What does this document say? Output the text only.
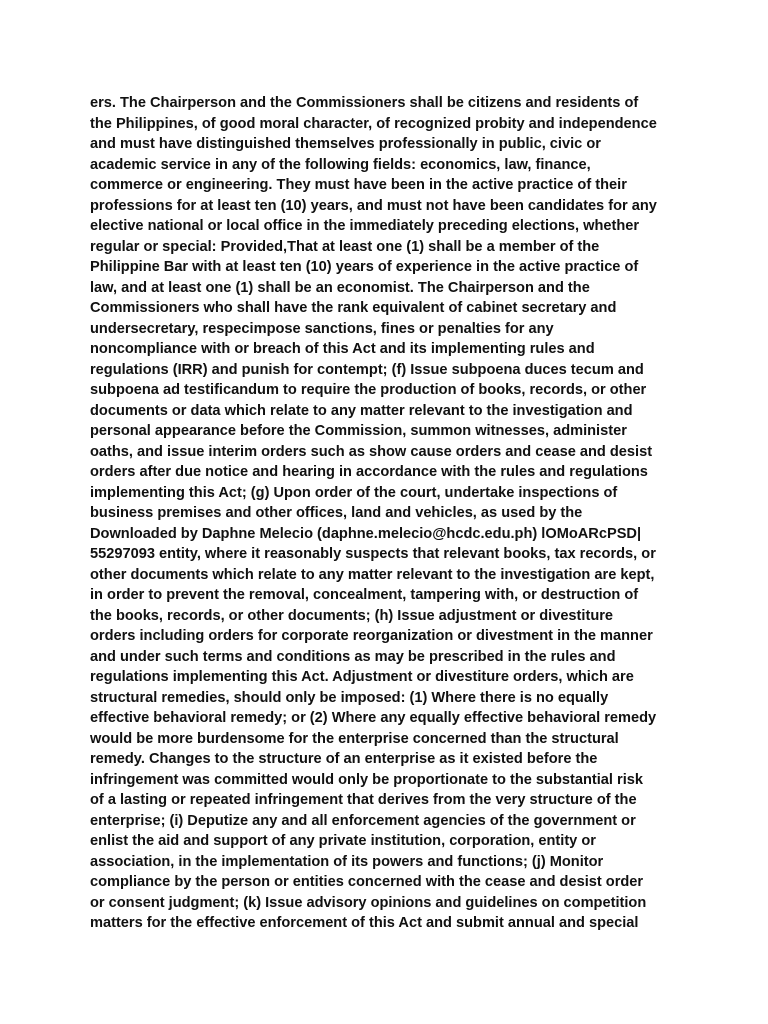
ers. The Chairperson and the Commissioners shall be citizens and residents of
the Philippines, of good moral character, of recognized probity and independence
and must have distinguished themselves professionally in public, civic or
academic service in any of the following fields: economics, law, finance,
commerce or engineering. They must have been in the active practice of their
professions for at least ten (10) years, and must not have been candidates for any
elective national or local office in the immediately preceding elections, whether
regular or special: Provided,That at least one (1) shall be a member of the
Philippine Bar with at least ten (10) years of experience in the active practice of
law, and at least one (1) shall be an economist. The Chairperson and the
Commissioners who shall have the rank equivalent of cabinet secretary and
undersecretary, respecimpose sanctions, fines or penalties for any
noncompliance with or breach of this Act and its implementing rules and
regulations (IRR) and punish for contempt; (f) Issue subpoena duces tecum and
subpoena ad testificandum to require the production of books, records, or other
documents or data which relate to any matter relevant to the investigation and
personal appearance before the Commission, summon witnesses, administer
oaths, and issue interim orders such as show cause orders and cease and desist
orders after due notice and hearing in accordance with the rules and regulations
implementing this Act; (g) Upon order of the court, undertake inspections of
business premises and other offices, land and vehicles, as used by the
Downloaded by Daphne Melecio (daphne.melecio@hcdc.edu.ph) lOMoARcPSD|
55297093 entity, where it reasonably suspects that relevant books, tax records, or
other documents which relate to any matter relevant to the investigation are kept,
in order to prevent the removal, concealment, tampering with, or destruction of
the books, records, or other documents; (h) Issue adjustment or divestiture
orders including orders for corporate reorganization or divestment in the manner
and under such terms and conditions as may be prescribed in the rules and
regulations implementing this Act. Adjustment or divestiture orders, which are
structural remedies, should only be imposed: (1) Where there is no equally
effective behavioral remedy; or (2) Where any equally effective behavioral remedy
would be more burdensome for the enterprise concerned than the structural
remedy. Changes to the structure of an enterprise as it existed before the
infringement was committed would only be proportionate to the substantial risk
of a lasting or repeated infringement that derives from the very structure of the
enterprise; (i) Deputize any and all enforcement agencies of the government or
enlist the aid and support of any private institution, corporation, entity or
association, in the implementation of its powers and functions; (j) Monitor
compliance by the person or entities concerned with the cease and desist order
or consent judgment; (k) Issue advisory opinions and guidelines on competition
matters for the effective enforcement of this Act and submit annual and special
